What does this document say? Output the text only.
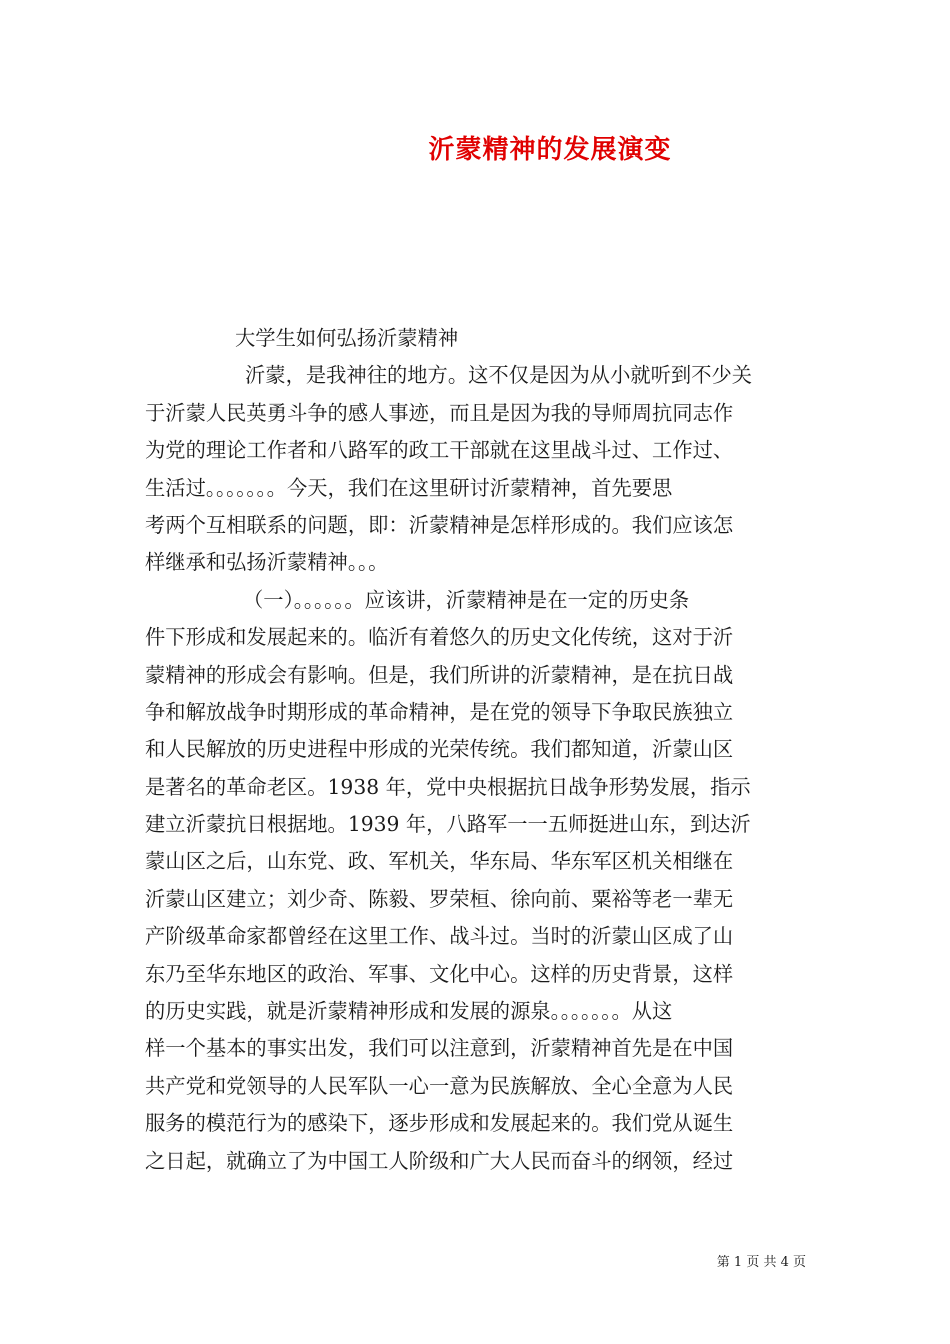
沂蒙精神的发展演变
大学生如何弘扬沂蒙精神
沂蒙，是我神往的地方。这不仅是因为从小就听到不少关
于沂蒙人民英勇斗争的感人事迹，而且是因为我的导师周抗同志作
为党的理论工作者和八路军的政工干部就在这里战斗过、工作过、
生活过。。。。。。。今天，我们在这里研讨沂蒙精神，首先要思
考两个互相联系的问题，即：沂蒙精神是怎样形成的。我们应该怎
样继承和弘扬沂蒙精神。。。
（一）。。。。。。应该讲，沂蒙精神是在一定的历史条
件下形成和发展起来的。临沂有着悠久的历史文化传统，这对于沂
蒙精神的形成会有影响。但是，我们所讲的沂蒙精神，是在抗日战
争和解放战争时期形成的革命精神，是在党的领导下争取民族独立
和人民解放的历史进程中形成的光荣传统。我们都知道，沂蒙山区
是著名的革命老区。1938 年，党中央根据抗日战争形势发展，指示
建立沂蒙抗日根据地。1939 年，八路军一一五师挺进山东，到达沂
蒙山区之后，山东党、政、军机关，华东局、华东军区机关相继在
沂蒙山区建立；刘少奇、陈毅、罗荣桓、徐向前、粟裕等老一辈无
产阶级革命家都曾经在这里工作、战斗过。当时的沂蒙山区成了山
东乃至华东地区的政治、军事、文化中心。这样的历史背景，这样
的历史实践，就是沂蒙精神形成和发展的源泉。。。。。。。从这
样一个基本的事实出发，我们可以注意到，沂蒙精神首先是在中国
共产党和党领导的人民军队一心一意为民族解放、全心全意为人民
服务的模范行为的感染下，逐步形成和发展起来的。我们党从诞生
之日起，就确立了为中国工人阶级和广大人民而奋斗的纲领，经过
第 1 页 共 4 页
